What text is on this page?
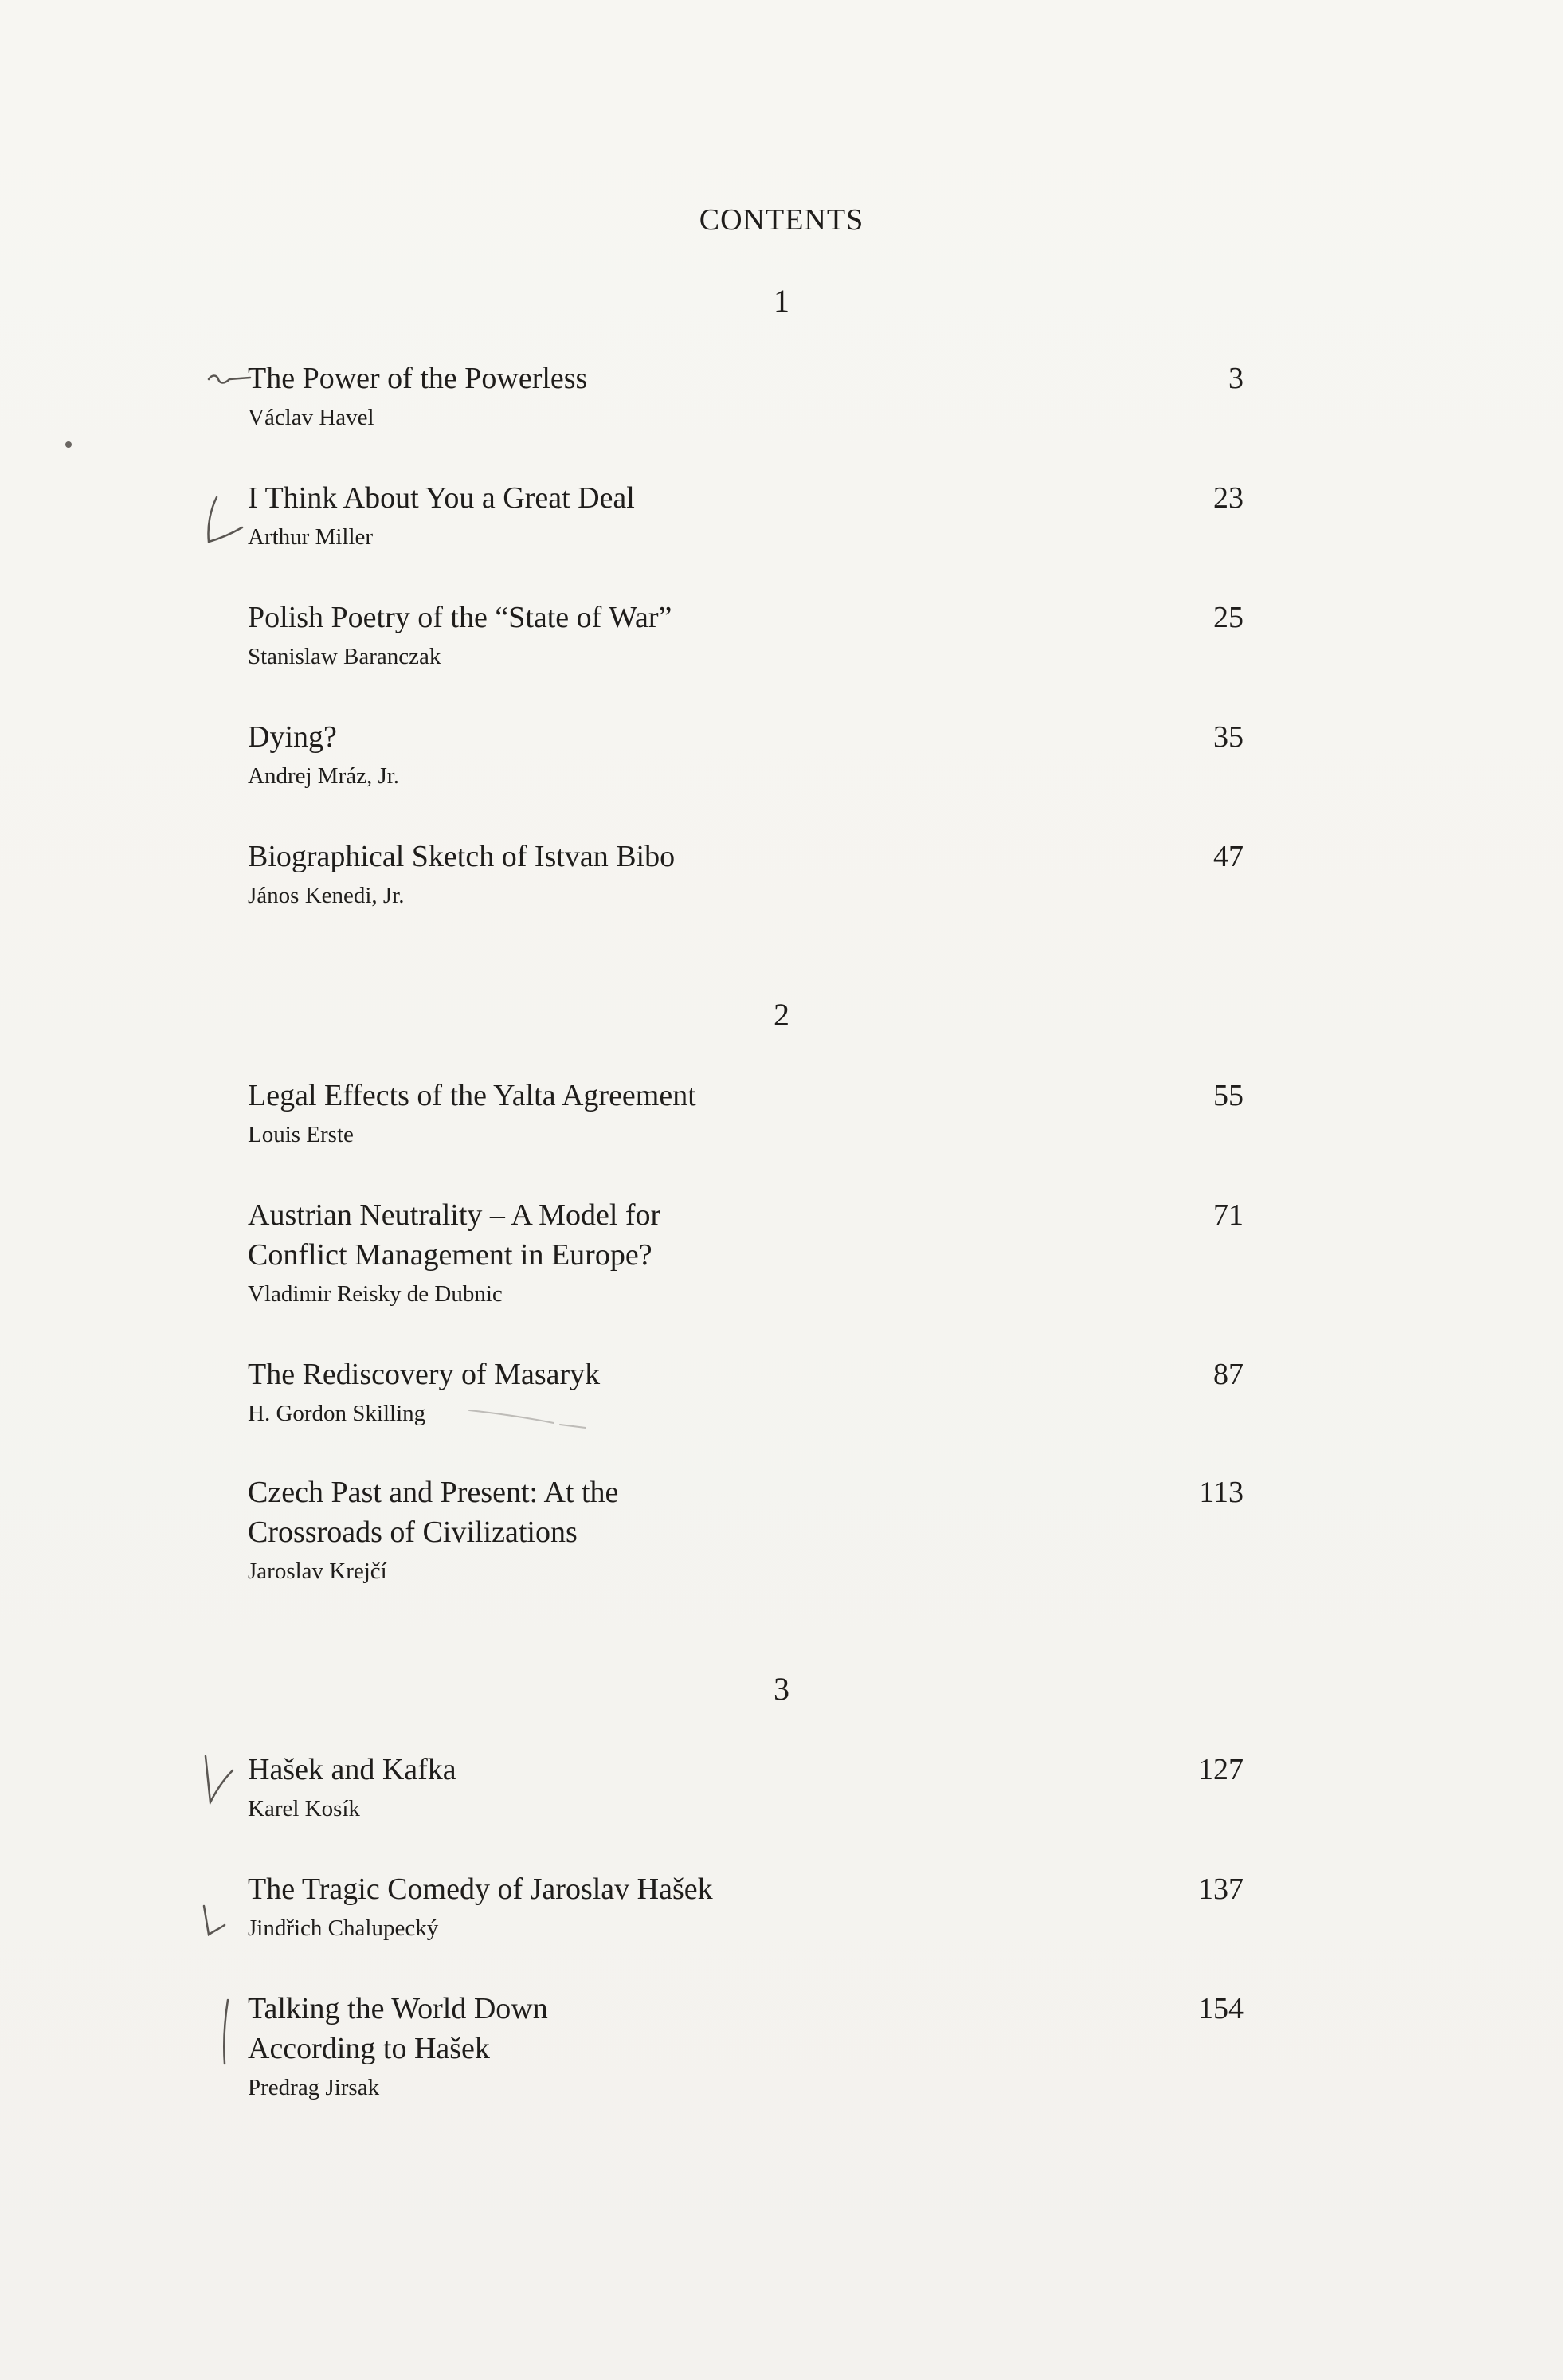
CONTENTS
1
The Power of the Powerless
Václav Havel
3
I Think About You a Great Deal
Arthur Miller
23
Polish Poetry of the “State of War”
Stanislaw Baranczak
25
Dying?
Andrej Mráz, Jr.
35
Biographical Sketch of Istvan Bibo
János Kenedi, Jr.
47
2
Legal Effects of the Yalta Agreement
Louis Erste
55
Austrian Neutrality – A Model for Conflict Management in Europe?
Vladimir Reisky de Dubnic
71
The Rediscovery of Masaryk
H. Gordon Skilling
87
Czech Past and Present: At the Crossroads of Civilizations
Jaroslav Krejčí
113
3
Hašek and Kafka
Karel Kosík
127
The Tragic Comedy of Jaroslav Hašek
Jindřich Chalupecký
137
Talking the World Down According to Hašek
Predrag Jirsak
154
